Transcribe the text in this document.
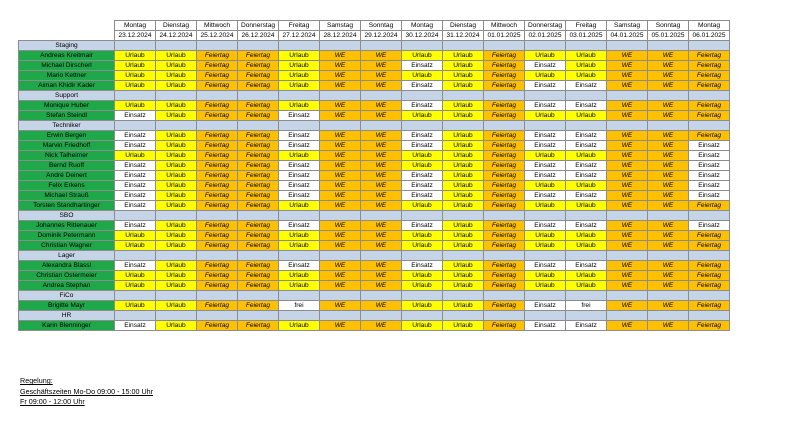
	Montag	Dienstag	Mittwoch	Donnerstag	Freitag	Samstag	Sonntag	Montag	Dienstag	Mittwoch	Donnerstag	Freitag	Samstag	Sonntag	Montag
	23.12.2024	24.12.2024	25.12.2024	26.12.2024	27.12.2024	28.12.2024	29.12.2024	30.12.2024	31.12.2024	01.01.2025	02.01.2025	03.01.2025	04.01.2025	05.01.2025	06.01.2025
Staging															
Andreas Kreitmair	Urlaub	Urlaub	Feiertag	Feiertag	Urlaub	WE	WE	Urlaub	Urlaub	Feiertag	Urlaub	Urlaub	WE	WE	Feiertag
Michael Dirscherl	Urlaub	Urlaub	Feiertag	Feiertag	Urlaub	WE	WE	Einsatz	Urlaub	Feiertag	Einsatz	Urlaub	WE	WE	Feiertag
Mario Kettner	Urlaub	Urlaub	Feiertag	Feiertag	Urlaub	WE	WE	Urlaub	Urlaub	Feiertag	Urlaub	Urlaub	WE	WE	Feiertag
Aiman Khidir Kader	Urlaub	Urlaub	Feiertag	Feiertag	Urlaub	WE	WE	Einsatz	Urlaub	Feiertag	Einsatz	Einsatz	WE	WE	Feiertag
Support															
Monique Huber	Urlaub	Urlaub	Feiertag	Feiertag	Urlaub	WE	WE	Einsatz	Urlaub	Feiertag	Einsatz	Einsatz	WE	WE	Feiertag
Stefan Steindl	Einsatz	Urlaub	Feiertag	Feiertag	Einsatz	WE	WE	Urlaub	Urlaub	Feiertag	Urlaub	Urlaub	WE	WE	Feiertag
Techniker															
Erwin Bergen	Einsatz	Urlaub	Feiertag	Feiertag	Einsatz	WE	WE	Einsatz	Urlaub	Feiertag	Einsatz	Einsatz	WE	WE	Feiertag
Marvin Friedhoff	Einsatz	Urlaub	Feiertag	Feiertag	Einsatz	WE	WE	Einsatz	Urlaub	Feiertag	Einsatz	Einsatz	WE	WE	Einsatz
Nick Talheimer	Urlaub	Urlaub	Feiertag	Feiertag	Urlaub	WE	WE	Urlaub	Urlaub	Feiertag	Urlaub	Urlaub	WE	WE	Einsatz
Bernd Ruoff	Einsatz	Urlaub	Feiertag	Feiertag	Einsatz	WE	WE	Urlaub	Urlaub	Feiertag	Einsatz	Einsatz	WE	WE	Einsatz
André Deinert	Einsatz	Urlaub	Feiertag	Feiertag	Einsatz	WE	WE	Einsatz	Urlaub	Feiertag	Einsatz	Einsatz	WE	WE	Einsatz
Felix Erkens	Einsatz	Urlaub	Feiertag	Feiertag	Einsatz	WE	WE	Einsatz	Urlaub	Feiertag	Urlaub	Urlaub	WE	WE	Einsatz
Michael Strauß	Einsatz	Urlaub	Feiertag	Feiertag	Einsatz	WE	WE	Einsatz	Urlaub	Feiertag	Einsatz	Einsatz	WE	WE	Einsatz
Torsten Standhartinger	Einsatz	Urlaub	Feiertag	Feiertag	Urlaub	WE	WE	Urlaub	Urlaub	Feiertag	Urlaub	Urlaub	WE	WE	Feiertag
SBO															
Johannes Rittenauer	Einsatz	Urlaub	Feiertag	Feiertag	Einsatz	WE	WE	Einsatz	Urlaub	Feiertag	Einsatz	Einsatz	WE	WE	Einsatz
Dominik Petermann	Urlaub	Urlaub	Feiertag	Feiertag	Urlaub	WE	WE	Urlaub	Urlaub	Feiertag	Urlaub	Urlaub	WE	WE	Feiertag
Christian Wagner	Urlaub	Urlaub	Feiertag	Feiertag	Urlaub	WE	WE	Urlaub	Urlaub	Feiertag	Urlaub	Urlaub	WE	WE	Feiertag
Lager															
Alexandra Blassl	Einsatz	Urlaub	Feiertag	Feiertag	Einsatz	WE	WE	Einsatz	Urlaub	Feiertag	Einsatz	Einsatz	WE	WE	Feiertag
Christian Ostermeier	Urlaub	Urlaub	Feiertag	Feiertag	Urlaub	WE	WE	Urlaub	Urlaub	Feiertag	Urlaub	Urlaub	WE	WE	Feiertag
Andrea Stephan	Urlaub	Urlaub	Feiertag	Feiertag	Urlaub	WE	WE	Urlaub	Urlaub	Feiertag	Urlaub	Urlaub	WE	WE	Feiertag
FiCo															
Brigitte Mayr	Urlaub	Urlaub	Feiertag	Feiertag	frei	WE	WE	Urlaub	Urlaub	Feiertag	Einsatz	frei	WE	WE	Feiertag
HR															
Karin Blenninger	Einsatz	Urlaub	Feiertag	Feiertag	Urlaub	WE	WE	Urlaub	Urlaub	Feiertag	Einsatz	Einsatz	WE	WE	Feiertag
Regelung:
Geschäftszeiten Mo-Do 09:00 - 15:00 Uhr
Fr 09:00 - 12:00 Uhr
